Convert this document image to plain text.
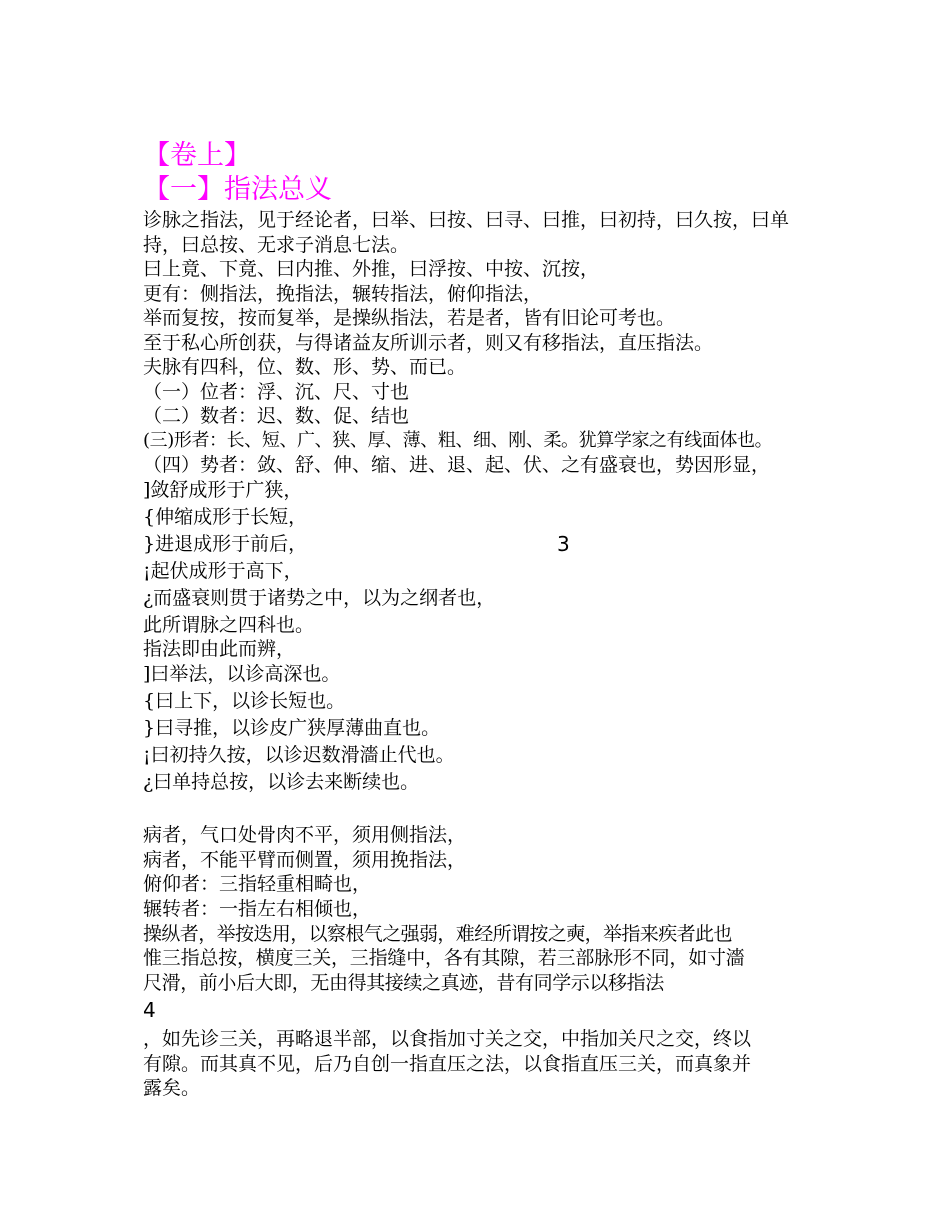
【卷上】
【一】指法总义
诊脉之指法，见于经论者，曰举、曰按、曰寻、曰推，曰初持，曰久按，曰单
持，曰总按、无求子消息七法。
曰上竟、下竟、曰内推、外推，曰浮按、中按、沉按，
更有：侧指法，挽指法，辗转指法，俯仰指法，
举而复按，按而复举，是操纵指法，若是者，皆有旧论可考也。
至于私心所创获，与得诸益友所训示者，则又有移指法，直压指法。
夫脉有四科，位、数、形、势、而已。
（一）位者：浮、沉、尺、寸也
（二）数者：迟、数、促、结也
(三)形者：长、短、广、狭、厚、薄、粗、细、刚、柔。犹算学家之有线面体也。
（四）势者：敛、舒、伸、缩、进、退、起、伏、之有盛衰也，势因形显，
]敛舒成形于广狭，
{伸缩成形于长短，
}进退成形于前后，	3
¡起伏成形于高下，
¿而盛衰则贯于诸势之中，以为之纲者也，
此所谓脉之四科也。
指法即由此而辨，
]曰举法，以诊高深也。
{曰上下，以诊长短也。
}曰寻推，以诊皮广狭厚薄曲直也。
¡曰初持久按，以诊迟数滑濇止代也。
¿曰单持总按，以诊去来断续也。
病者，气口处骨肉不平，须用侧指法，
病者，不能平臂而侧置，须用挽指法，
俯仰者：三指轻重相畸也，
辗转者：一指左右相倾也，
操纵者，举按迭用，以察根气之强弱，难经所谓按之奭，举指来疾者此也
惟三指总按，横度三关，三指缝中，各有其隙，若三部脉形不同，如寸濇
尺滑，前小后大即，无由得其接续之真迹，昔有同学示以移指法
4
，如先诊三关，再略退半部，以食指加寸关之交，中指加关尺之交，终以
有隙。而其真不见，后乃自创一指直压之法，以食指直压三关，而真象并
露矣。
